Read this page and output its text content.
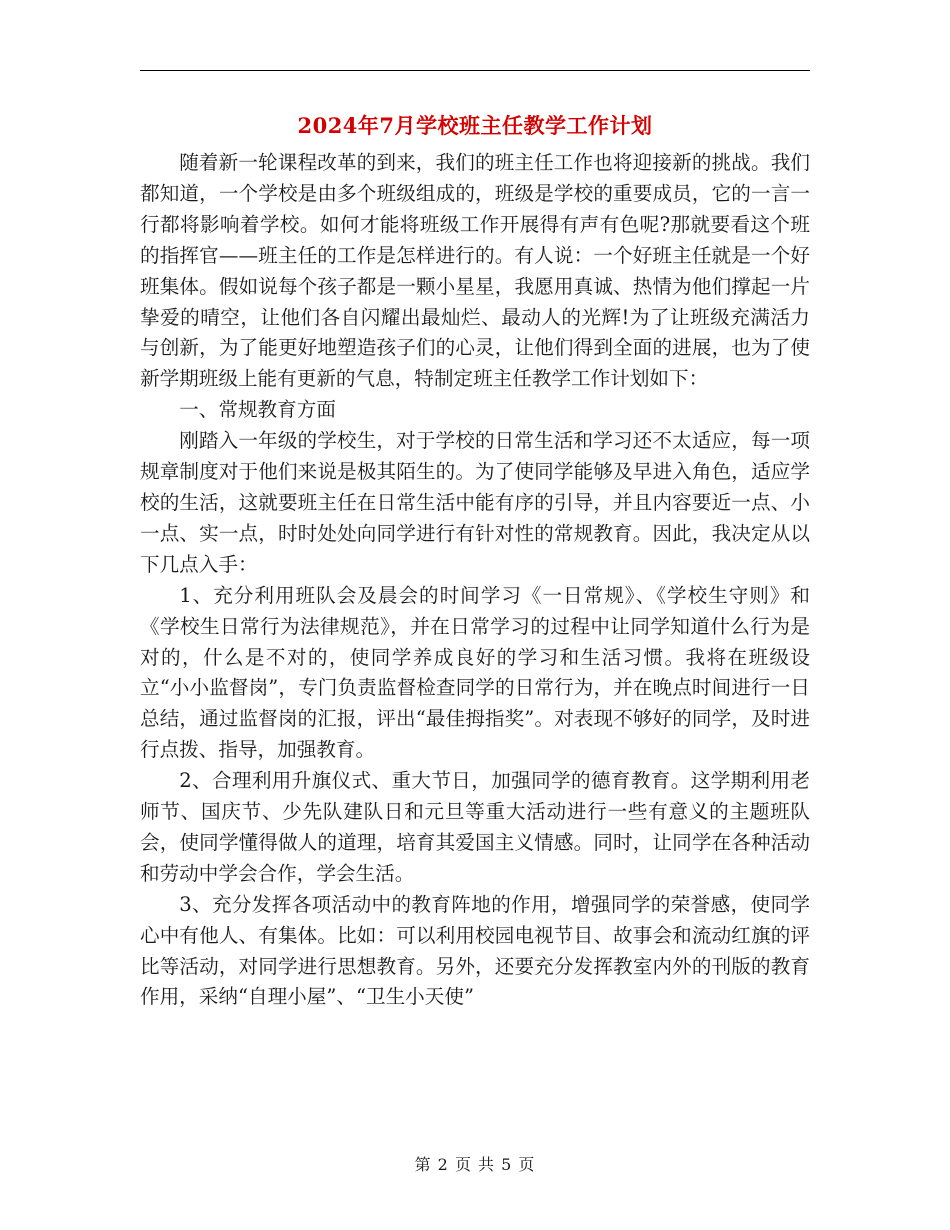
2024年7月学校班主任教学工作计划

随着新一轮课程改革的到来，我们的班主任工作也将迎接新的挑战。我们都知道，一个学校是由多个班级组成的，班级是学校的重要成员，它的一言一行都将影响着学校。如何才能将班级工作开展得有声有色呢?那就要看这个班的指挥官——班主任的工作是怎样进行的。有人说：一个好班主任就是一个好班集体。假如说每个孩子都是一颗小星星，我愿用真诚、热情为他们撑起一片挚爱的晴空，让他们各自闪耀出最灿烂、最动人的光辉!为了让班级充满活力与创新，为了能更好地塑造孩子们的心灵，让他们得到全面的进展，也为了使新学期班级上能有更新的气息，特制定班主任教学工作计划如下：

一、常规教育方面

刚踏入一年级的学校生，对于学校的日常生活和学习还不太适应，每一项规章制度对于他们来说是极其陌生的。为了使同学能够及早进入角色，适应学校的生活，这就要班主任在日常生活中能有序的引导，并且内容要近一点、小一点、实一点，时时处处向同学进行有针对性的常规教育。因此，我决定从以下几点入手：

1、充分利用班队会及晨会的时间学习《一日常规》、《学校生守则》和《学校生日常行为法律规范》，并在日常学习的过程中让同学知道什么行为是对的，什么是不对的，使同学养成良好的学习和生活习惯。我将在班级设立“小小监督岗”，专门负责监督检查同学的日常行为，并在晚点时间进行一日总结，通过监督岗的汇报，评出“最佳拇指奖”。对表现不够好的同学，及时进行点拨、指导，加强教育。

2、合理利用升旗仪式、重大节日，加强同学的德育教育。这学期利用老师节、国庆节、少先队建队日和元旦等重大活动进行一些有意义的主题班队会，使同学懂得做人的道理，培育其爱国主义情感。同时，让同学在各种活动和劳动中学会合作，学会生活。

3、充分发挥各项活动中的教育阵地的作用，增强同学的荣誉感，使同学心中有他人、有集体。比如：可以利用校园电视节目、故事会和流动红旗的评比等活动，对同学进行思想教育。另外，还要充分发挥教室内外的刊版的教育作用，采纳“自理小屋”、“卫生小天使”

第 2 页 共 5 页
